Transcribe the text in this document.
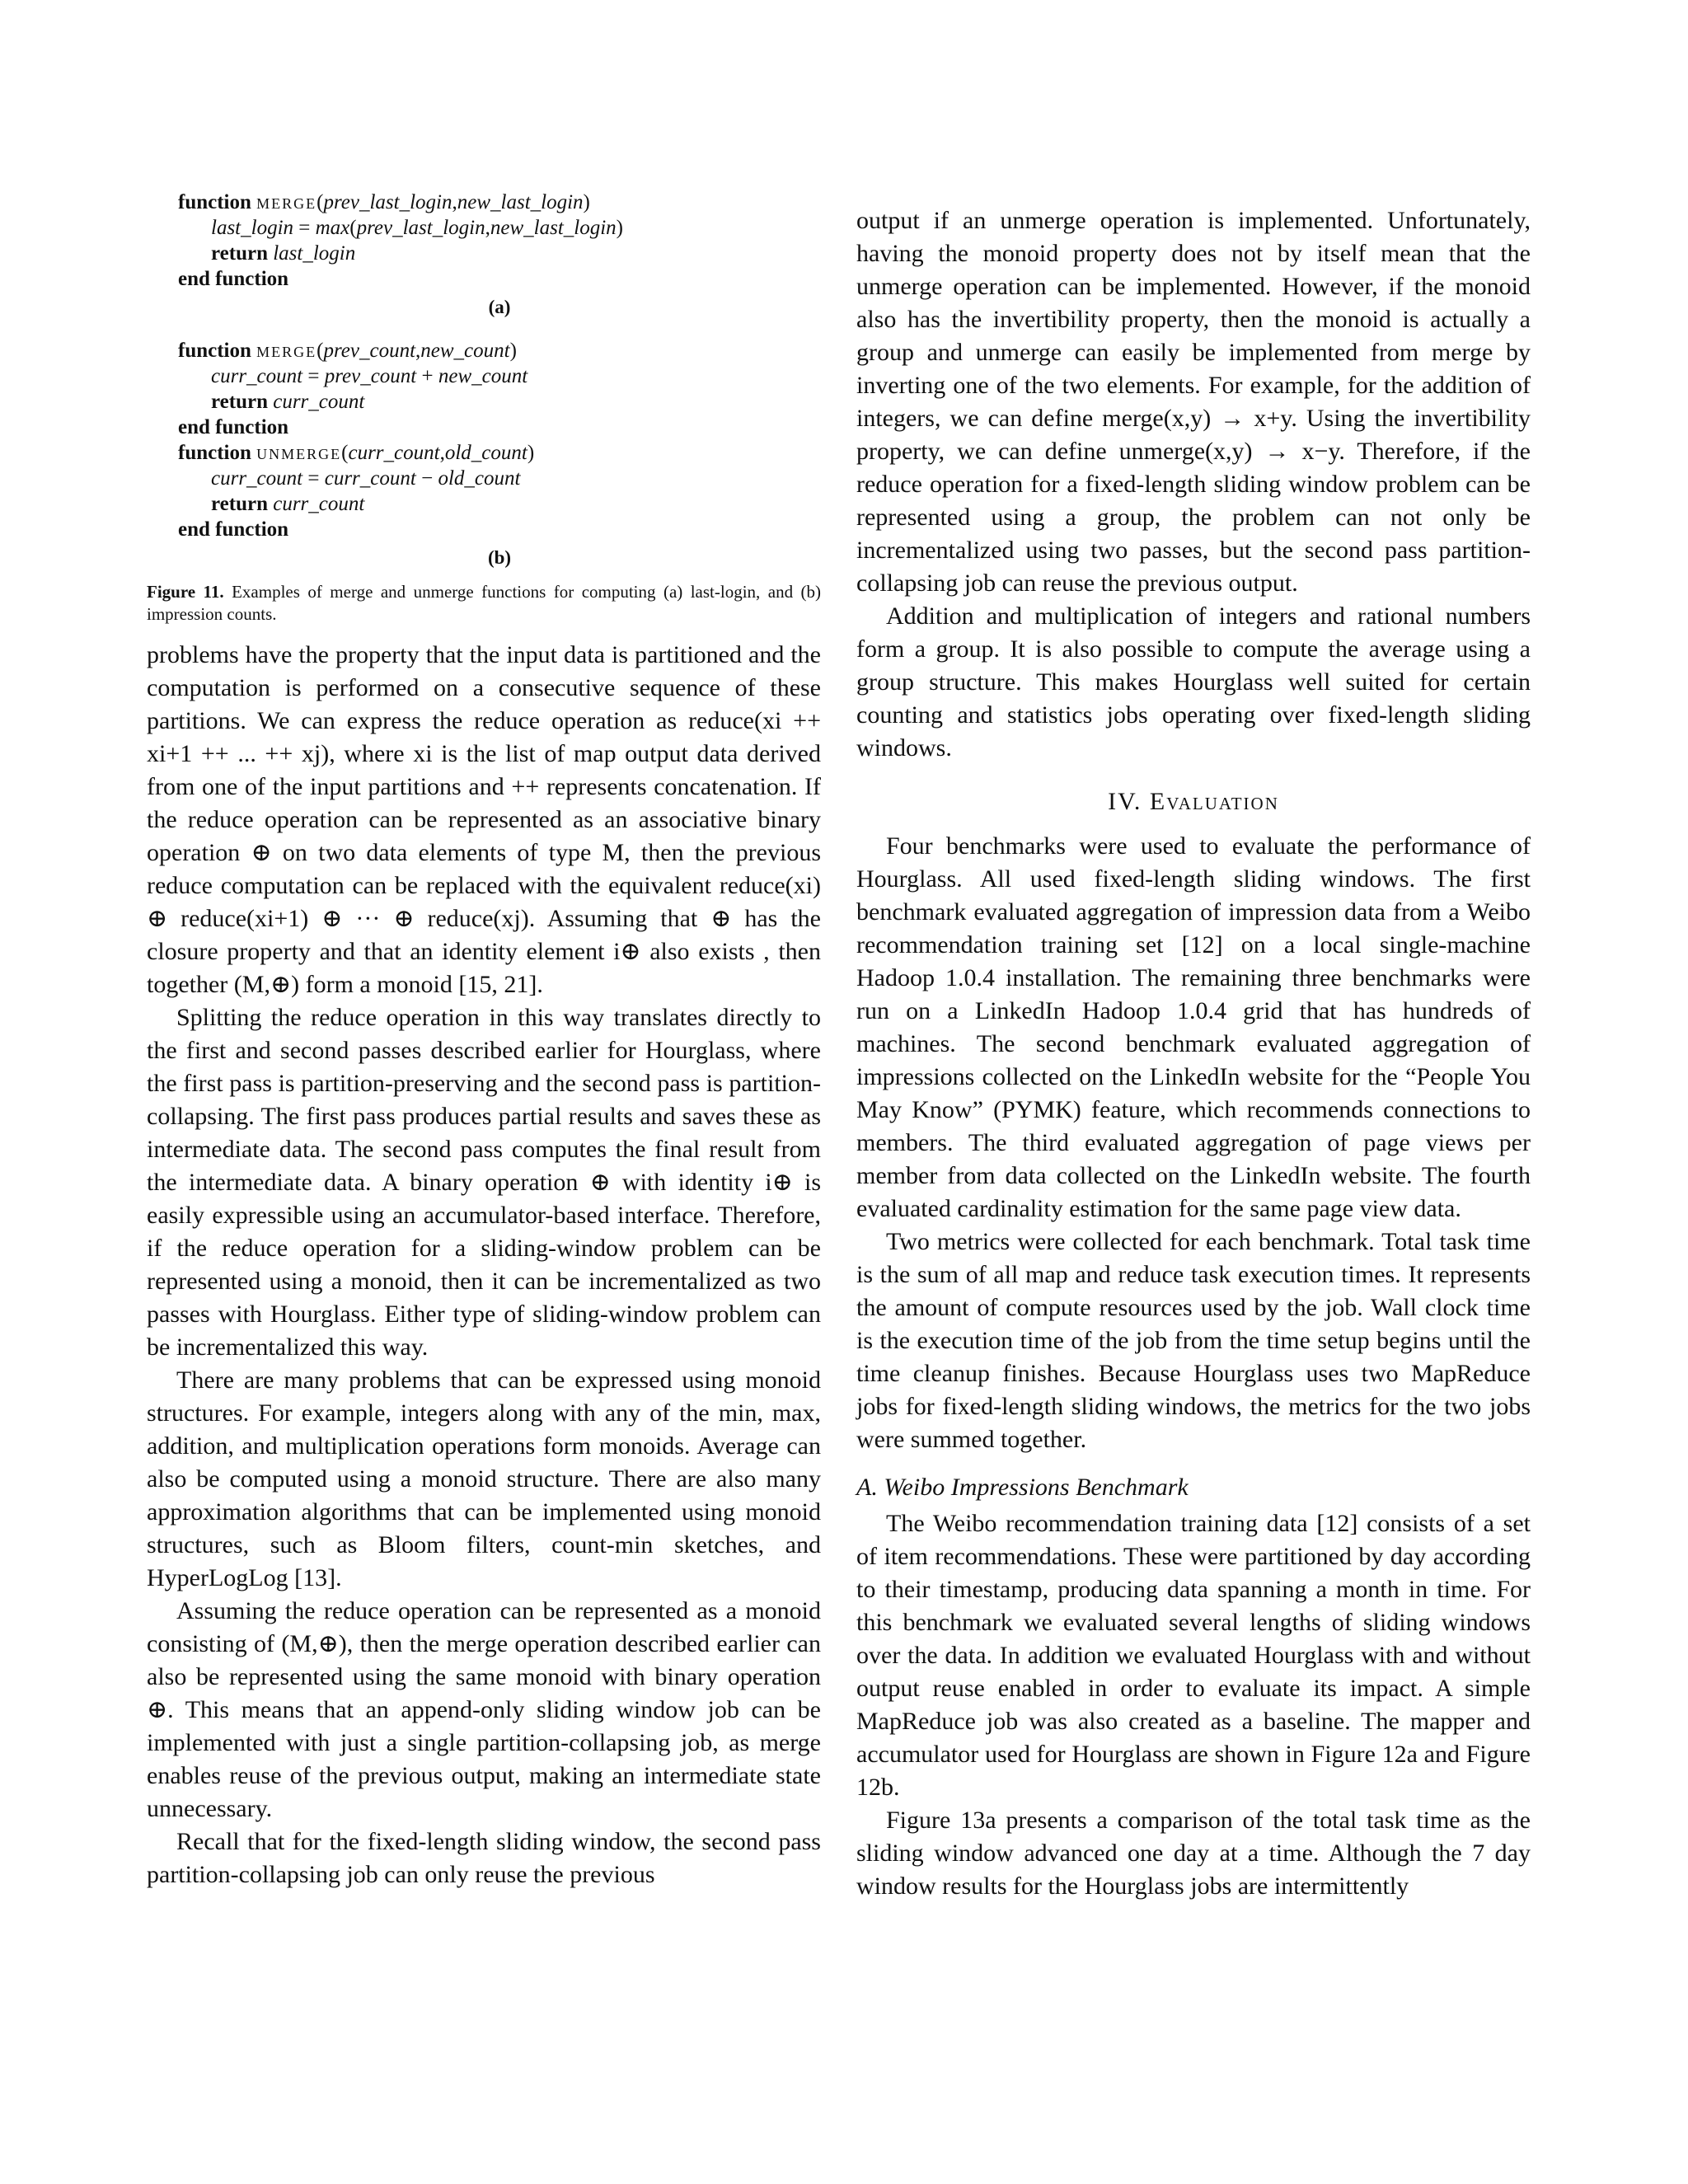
function merge(prev_last_login,new_last_login)
last_login = max(prev_last_login,new_last_login)
return last_login
end function
(a)
function merge(prev_count,new_count)
curr_count = prev_count + new_count
return curr_count
end function
function unmerge(curr_count,old_count)
curr_count = curr_count − old_count
return curr_count
end function
(b)
Figure 11. Examples of merge and unmerge functions for computing (a) last-login, and (b) impression counts.

problems have the property that the input data is partitioned and the computation is performed on a consecutive sequence of these partitions. We can express the reduce operation as reduce(xi ++ xi+1 ++ ... ++ xj), where xi is the list of map output data derived from one of the input partitions and ++ represents concatenation. If the reduce operation can be represented as an associative binary operation ⊕ on two data elements of type M, then the previous reduce computation can be replaced with the equivalent reduce(xi) ⊕ reduce(xi+1) ⊕ ··· ⊕ reduce(xj). Assuming that ⊕ has the closure property and that an identity element i⊕ also exists , then together (M,⊕) form a monoid [15, 21].

Splitting the reduce operation in this way translates directly to the first and second passes described earlier for Hourglass, where the first pass is partition-preserving and the second pass is partition-collapsing. The first pass produces partial results and saves these as intermediate data. The second pass computes the final result from the intermediate data. A binary operation ⊕ with identity i⊕ is easily expressible using an accumulator-based interface. Therefore, if the reduce operation for a sliding-window problem can be represented using a monoid, then it can be incrementalized as two passes with Hourglass. Either type of sliding-window problem can be incrementalized this way.

There are many problems that can be expressed using monoid structures. For example, integers along with any of the min, max, addition, and multiplication operations form monoids. Average can also be computed using a monoid structure. There are also many approximation algorithms that can be implemented using monoid structures, such as Bloom filters, count-min sketches, and HyperLogLog [13].

Assuming the reduce operation can be represented as a monoid consisting of (M,⊕), then the merge operation described earlier can also be represented using the same monoid with binary operation ⊕. This means that an append-only sliding window job can be implemented with just a single partition-collapsing job, as merge enables reuse of the previous output, making an intermediate state unnecessary.

Recall that for the fixed-length sliding window, the second pass partition-collapsing job can only reuse the previous

output if an unmerge operation is implemented. Unfortunately, having the monoid property does not by itself mean that the unmerge operation can be implemented. However, if the monoid also has the invertibility property, then the monoid is actually a group and unmerge can easily be implemented from merge by inverting one of the two elements. For example, for the addition of integers, we can define merge(x,y) → x+y. Using the invertibility property, we can define unmerge(x,y) → x−y. Therefore, if the reduce operation for a fixed-length sliding window problem can be represented using a group, the problem can not only be incrementalized using two passes, but the second pass partition-collapsing job can reuse the previous output.

Addition and multiplication of integers and rational numbers form a group. It is also possible to compute the average using a group structure. This makes Hourglass well suited for certain counting and statistics jobs operating over fixed-length sliding windows.

IV. Evaluation

Four benchmarks were used to evaluate the performance of Hourglass. All used fixed-length sliding windows. The first benchmark evaluated aggregation of impression data from a Weibo recommendation training set [12] on a local single-machine Hadoop 1.0.4 installation. The remaining three benchmarks were run on a LinkedIn Hadoop 1.0.4 grid that has hundreds of machines. The second benchmark evaluated aggregation of impressions collected on the LinkedIn website for the “People You May Know” (PYMK) feature, which recommends connections to members. The third evaluated aggregation of page views per member from data collected on the LinkedIn website. The fourth evaluated cardinality estimation for the same page view data.

Two metrics were collected for each benchmark. Total task time is the sum of all map and reduce task execution times. It represents the amount of compute resources used by the job. Wall clock time is the execution time of the job from the time setup begins until the time cleanup finishes. Because Hourglass uses two MapReduce jobs for fixed-length sliding windows, the metrics for the two jobs were summed together.

A. Weibo Impressions Benchmark

The Weibo recommendation training data [12] consists of a set of item recommendations. These were partitioned by day according to their timestamp, producing data spanning a month in time. For this benchmark we evaluated several lengths of sliding windows over the data. In addition we evaluated Hourglass with and without output reuse enabled in order to evaluate its impact. A simple MapReduce job was also created as a baseline. The mapper and accumulator used for Hourglass are shown in Figure 12a and Figure 12b.

Figure 13a presents a comparison of the total task time as the sliding window advanced one day at a time. Although the 7 day window results for the Hourglass jobs are intermittently
